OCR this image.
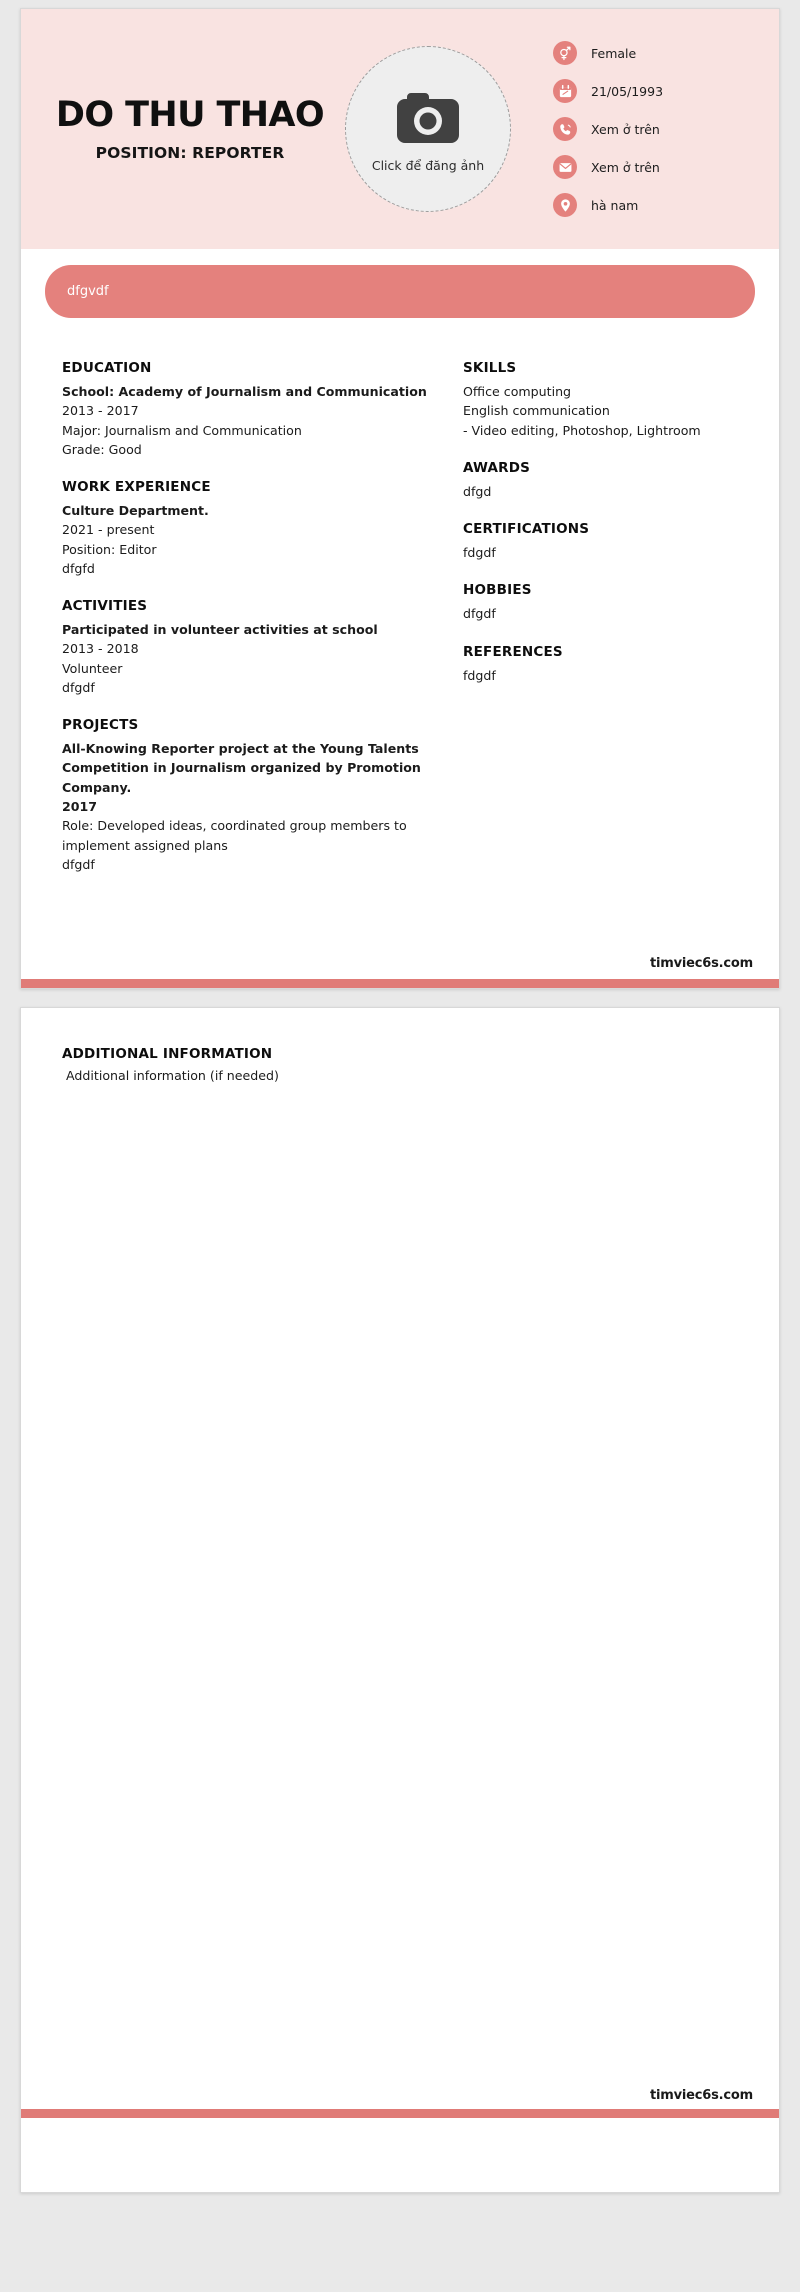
DO THU THAO
POSITION: REPORTER
Click để đăng ảnh
Female
21/05/1993
Xem ở trên
Xem ở trên
hà nam
dfgvdf
EDUCATION
School: Academy of Journalism and Communication
2013 - 2017
Major: Journalism and Communication
Grade: Good
WORK EXPERIENCE
Culture Department.
2021 - present
Position: Editor
dfgfd
ACTIVITIES
Participated in volunteer activities at school
2013 - 2018
Volunteer
dfgdf
PROJECTS
All-Knowing Reporter project at the Young Talents Competition in Journalism organized by Promotion Company.
2017
Role: Developed ideas, coordinated group members to implement assigned plans
dfgdf
SKILLS
Office computing
English communication
- Video editing, Photoshop, Lightroom
AWARDS
dfgd
CERTIFICATIONS
fdgdf
HOBBIES
dfgdf
REFERENCES
fdgdf
timviec6s.com
ADDITIONAL INFORMATION
Additional information (if needed)
timviec6s.com
